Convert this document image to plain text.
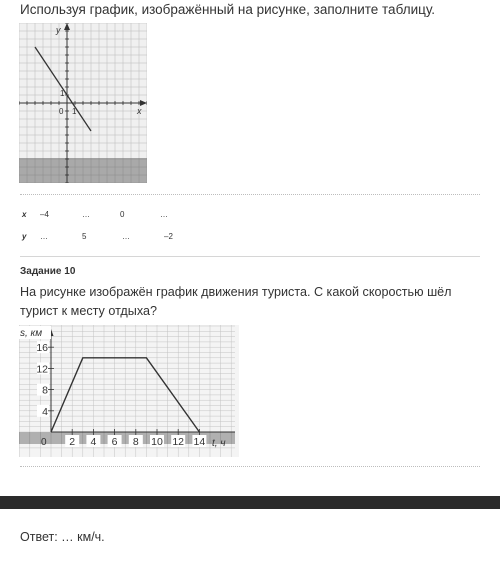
Используя график, изображённый на рисунке, заполните таблицу.
0 1
1
x
y
x –4	…	0	…
y …	5	…	–2
Задание 10
На рисунке изображён график движения туриста. С какой скоростью шёл турист к месту отдыха?
2 4 6 8 10 12 14
4
8
12
16
0
s, км
t, ч
Ответ: … км/ч.
